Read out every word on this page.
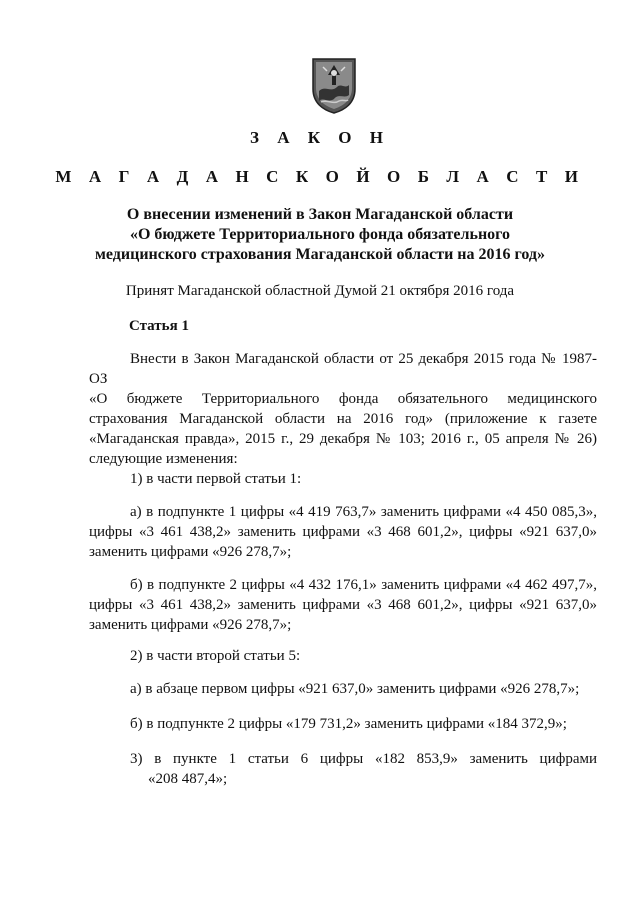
З А К О Н
М А Г А Д А Н С К О Й О Б Л А С Т И
О внесении изменений в Закон Магаданской области
«О бюджете Территориального фонда обязательного
медицинского страхования Магаданской области на 2016 год»
Принят Магаданской областной Думой 21 октября 2016 года
Статья 1
Внести в Закон Магаданской области от 25 декабря 2015 года № 1987-
ОЗ
«О бюджете Территориального фонда обязательного медицинского
страхования Магаданской области на 2016 год» (приложение к газете
«Магаданская правда», 2015 г., 29 декабря № 103; 2016 г., 05 апреля № 26)
следующие изменения:
1) в части первой статьи 1:
а) в подпункте 1 цифры «4 419 763,7» заменить цифрами «4 450 085,3»,
цифры «3 461 438,2» заменить цифрами «3 468 601,2», цифры «921 637,0»
заменить цифрами «926 278,7»;
б) в подпункте 2 цифры «4 432 176,1» заменить цифрами «4 462 497,7»,
цифры «3 461 438,2» заменить цифрами «3 468 601,2», цифры «921 637,0»
заменить цифрами «926 278,7»;
2) в части второй статьи 5:
а) в абзаце первом цифры «921 637,0» заменить цифрами «926 278,7»;
б) в подпункте 2 цифры «179 731,2» заменить цифрами «184 372,9»;
3) в пункте 1 статьи 6 цифры «182 853,9» заменить цифрами
«208 487,4»;
